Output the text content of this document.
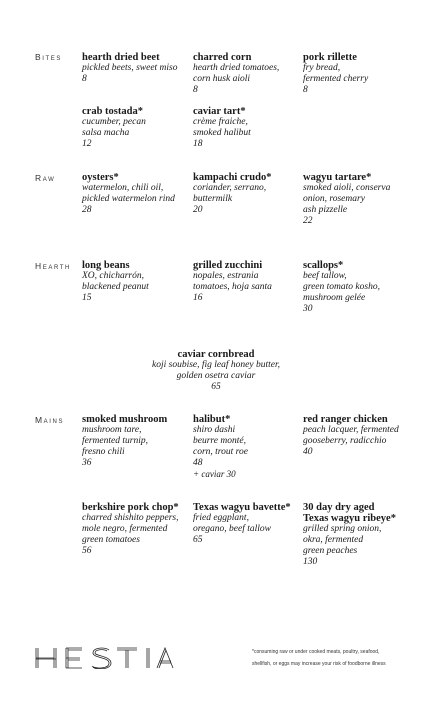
Bites
Raw
Hearth
Mains
hearth dried beet
pickled beets, sweet miso
8
charred corn
hearth dried tomatoes,
corn husk aioli
8
pork rillette
fry bread,
fermented cherry
8
crab tostada*
cucumber, pecan
salsa macha
12
caviar tart*
crème fraiche,
smoked halibut
18
oysters*
watermelon, chili oil,
pickled watermelon rind
28
kampachi crudo*
coriander, serrano,
buttermilk
20
wagyu tartare*
smoked aioli, conserva
onion, rosemary
ash pizzelle
22
long beans
XO, chicharrón,
blackened peanut
15
grilled zucchini
nopales, estrania
tomatoes, hoja santa
16
scallops*
beef tallow,
green tomato kosho,
mushroom gelée
30
caviar cornbread
koji soubise, fig leaf honey butter,
golden osetra caviar
65
smoked mushroom
mushroom tare,
fermented turnip,
fresno chili
36
halibut*
shiro dashi
beurre monté,
corn, trout roe
48
+ caviar 30
red ranger chicken
peach lacquer, fermented
gooseberry, radicchio
40
berkshire pork chop*
charred shishito peppers,
mole negro, fermented
green tomatoes
56
Texas wagyu bavette*
fried eggplant,
oregano, beef tallow
65
30 day dry aged
Texas wagyu ribeye*
grilled spring onion,
okra, fermented
green peaches
130
*consuming raw or under cooked meats, poultry, seafood,
shellfish, or eggs may increase your risk of foodborne illness
